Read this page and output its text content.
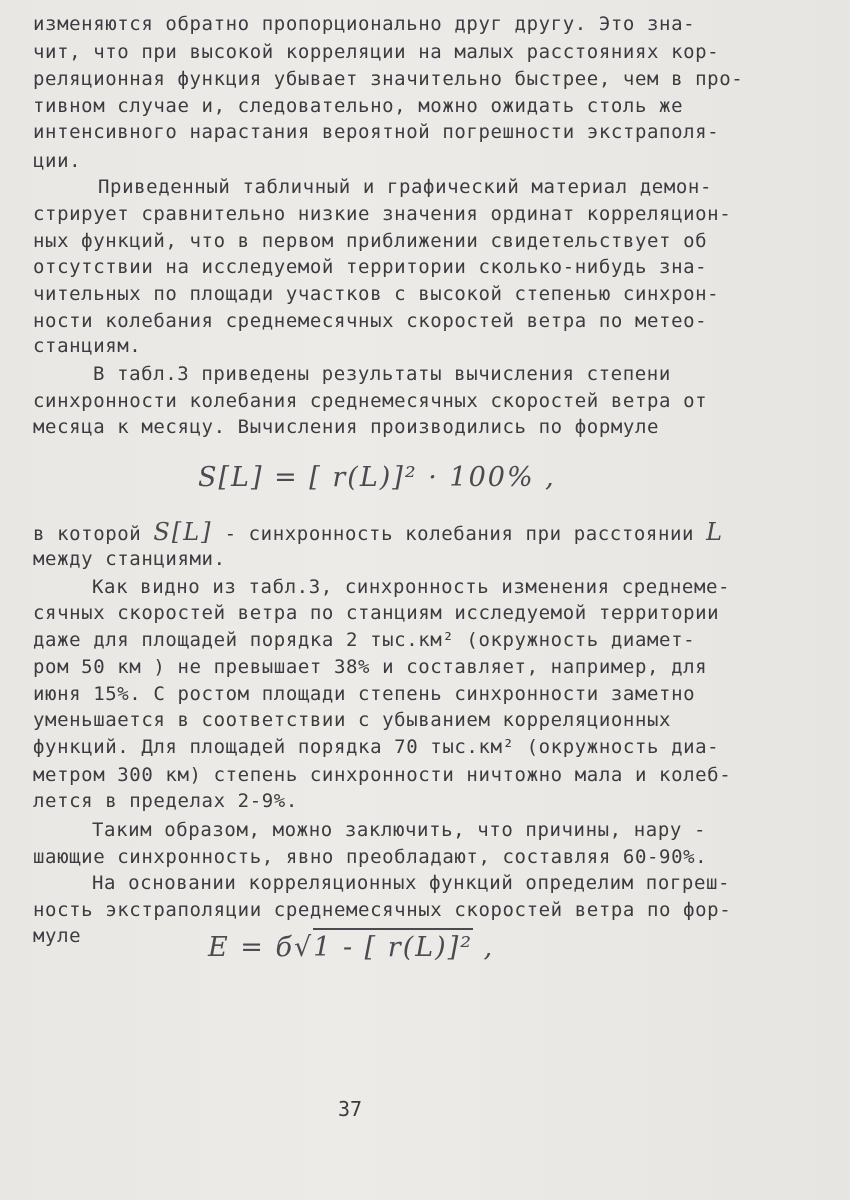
изменяются обратно пропорционально друг другу. Это зна-
чит, что при высокой корреляции на малых расстояниях кор-
реляционная функция убывает значительно быстрее, чем в про-
тивном случае и, следовательно, можно ожидать столь же
интенсивного нарастания вероятной погрешности экстраполя-
ции.
Приведенный табличный и графический материал демон-
стрирует сравнительно низкие значения ординат корреляцион-
ных функций, что в первом приближении свидетельствует об
отсутствии на исследуемой территории сколько-нибудь зна-
чительных по площади участков с высокой степенью синхрон-
ности колебания среднемесячных скоростей ветра по метео-
станциям.
В табл.3 приведены результаты вычисления степени
синхронности колебания среднемесячных скоростей ветра от
месяца к месяцу. Вычисления производились по формуле
S[L] = [ r(L)]² · 100% ,
в которой S[L] - синхронность колебания при расстоянии L
между станциями.
Как видно из табл.3, синхронность изменения среднеме-
сячных скоростей ветра по станциям исследуемой территории
даже для площадей порядка 2 тыс.км² (окружность диамет-
ром 50 км ) не превышает 38% и составляет, например, для
июня 15%. С ростом площади степень синхронности заметно
уменьшается в соответствии с убыванием корреляционных
функций. Для площадей порядка 70 тыс.км² (окружность диа-
метром 300 км) степень синхронности ничтожно мала и колеб-
лется в пределах 2-9%.
Таким образом, можно заключить, что причины, нару -
шающие синхронность, явно преобладают, составляя 60-90%.
На основании корреляционных функций определим погреш-
ность экстраполяции среднемесячных скоростей ветра по фор-
муле	E = б√1 - [ r(L)]² ,
37
